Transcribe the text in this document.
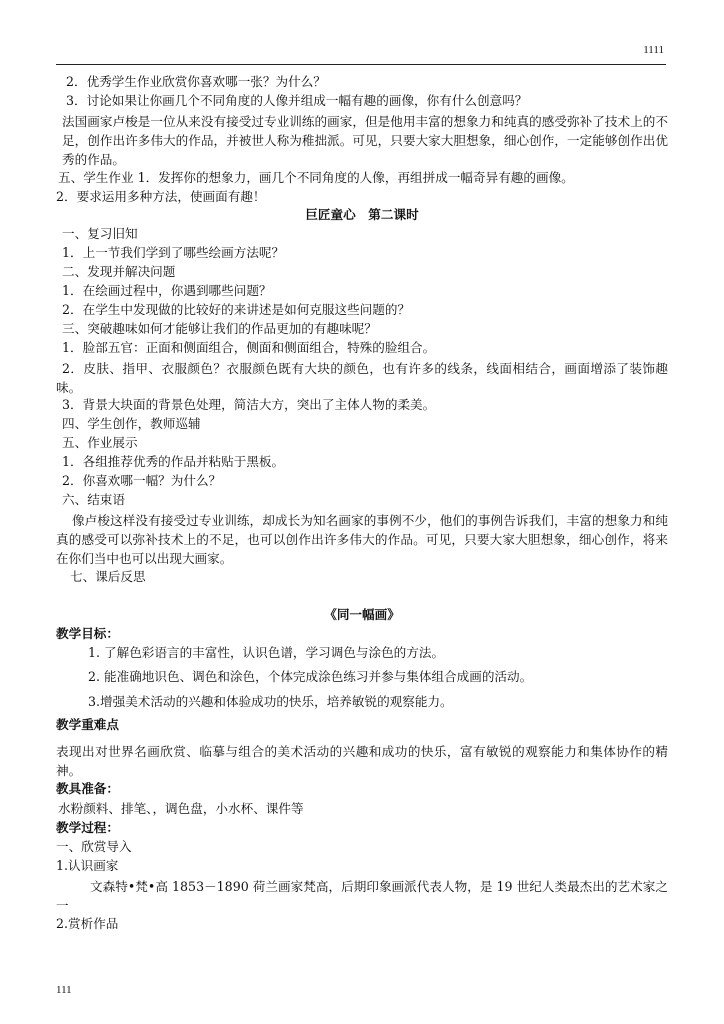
1111
2．优秀学生作业欣赏你喜欢哪一张？为什么？
3．讨论如果让你画几个不同角度的人像并组成一幅有趣的画像，你有什么创意吗？
法国画家卢梭是一位从来没有接受过专业训练的画家，但是他用丰富的想象力和纯真的感受弥补了技术上的不足，创作出许多伟大的作品，并被世人称为稚拙派。可见，只要大家大胆想象，细心创作，一定能够创作出优秀的作品。
五、学生作业 1．发挥你的想象力，画几个不同角度的人像，再组拼成一幅奇异有趣的画像。
2．要求运用多种方法，使画面有趣！
巨匠童心　第二课时
一、复习旧知
1．上一节我们学到了哪些绘画方法呢？
二、发现并解决问题
1．在绘画过程中，你遇到哪些问题？
2．在学生中发现做的比较好的来讲述是如何克服这些问题的？
三、突破趣味如何才能够让我们的作品更加的有趣味呢？
1．脸部五官：正面和侧面组合，侧面和侧面组合，特殊的脸组合。
2．皮肤、指甲、衣服颜色？衣服颜色既有大块的颜色，也有许多的线条，线面相结合，画面增添了装饰趣味。
3．背景大块面的背景色处理，简洁大方，突出了主体人物的柔美。
四、学生创作，教师巡辅
五、作业展示
1．各组推荐优秀的作品并粘贴于黑板。
2．你喜欢哪一幅？为什么？
六、结束语
像卢梭这样没有接受过专业训练，却成长为知名画家的事例不少，他们的事例告诉我们，丰富的想象力和纯真的感受可以弥补技术上的不足，也可以创作出许多伟大的作品。可见，只要大家大胆想象，细心创作，将来在你们当中也可以出现大画家。
七、课后反思
《同一幅画》
教学目标：
1. 了解色彩语言的丰富性，认识色谱，学习调色与涂色的方法。
2. 能准确地识色、调色和涂色，个体完成涂色练习并参与集体组合成画的活动。
3.增强美术活动的兴趣和体验成功的快乐，培养敏锐的观察能力。
教学重难点
表现出对世界名画欣赏、临摹与组合的美术活动的兴趣和成功的快乐，富有敏锐的观察能力和集体协作的精神。
教具准备：
水粉颜料、排笔、，调色盘，小水杯、课件等
教学过程：
一、欣赏导入
1.认识画家
文森特•梵•高 1853－1890 荷兰画家梵高，后期印象画派代表人物，是 19 世纪人类最杰出的艺术家之一
2.赏析作品
111
